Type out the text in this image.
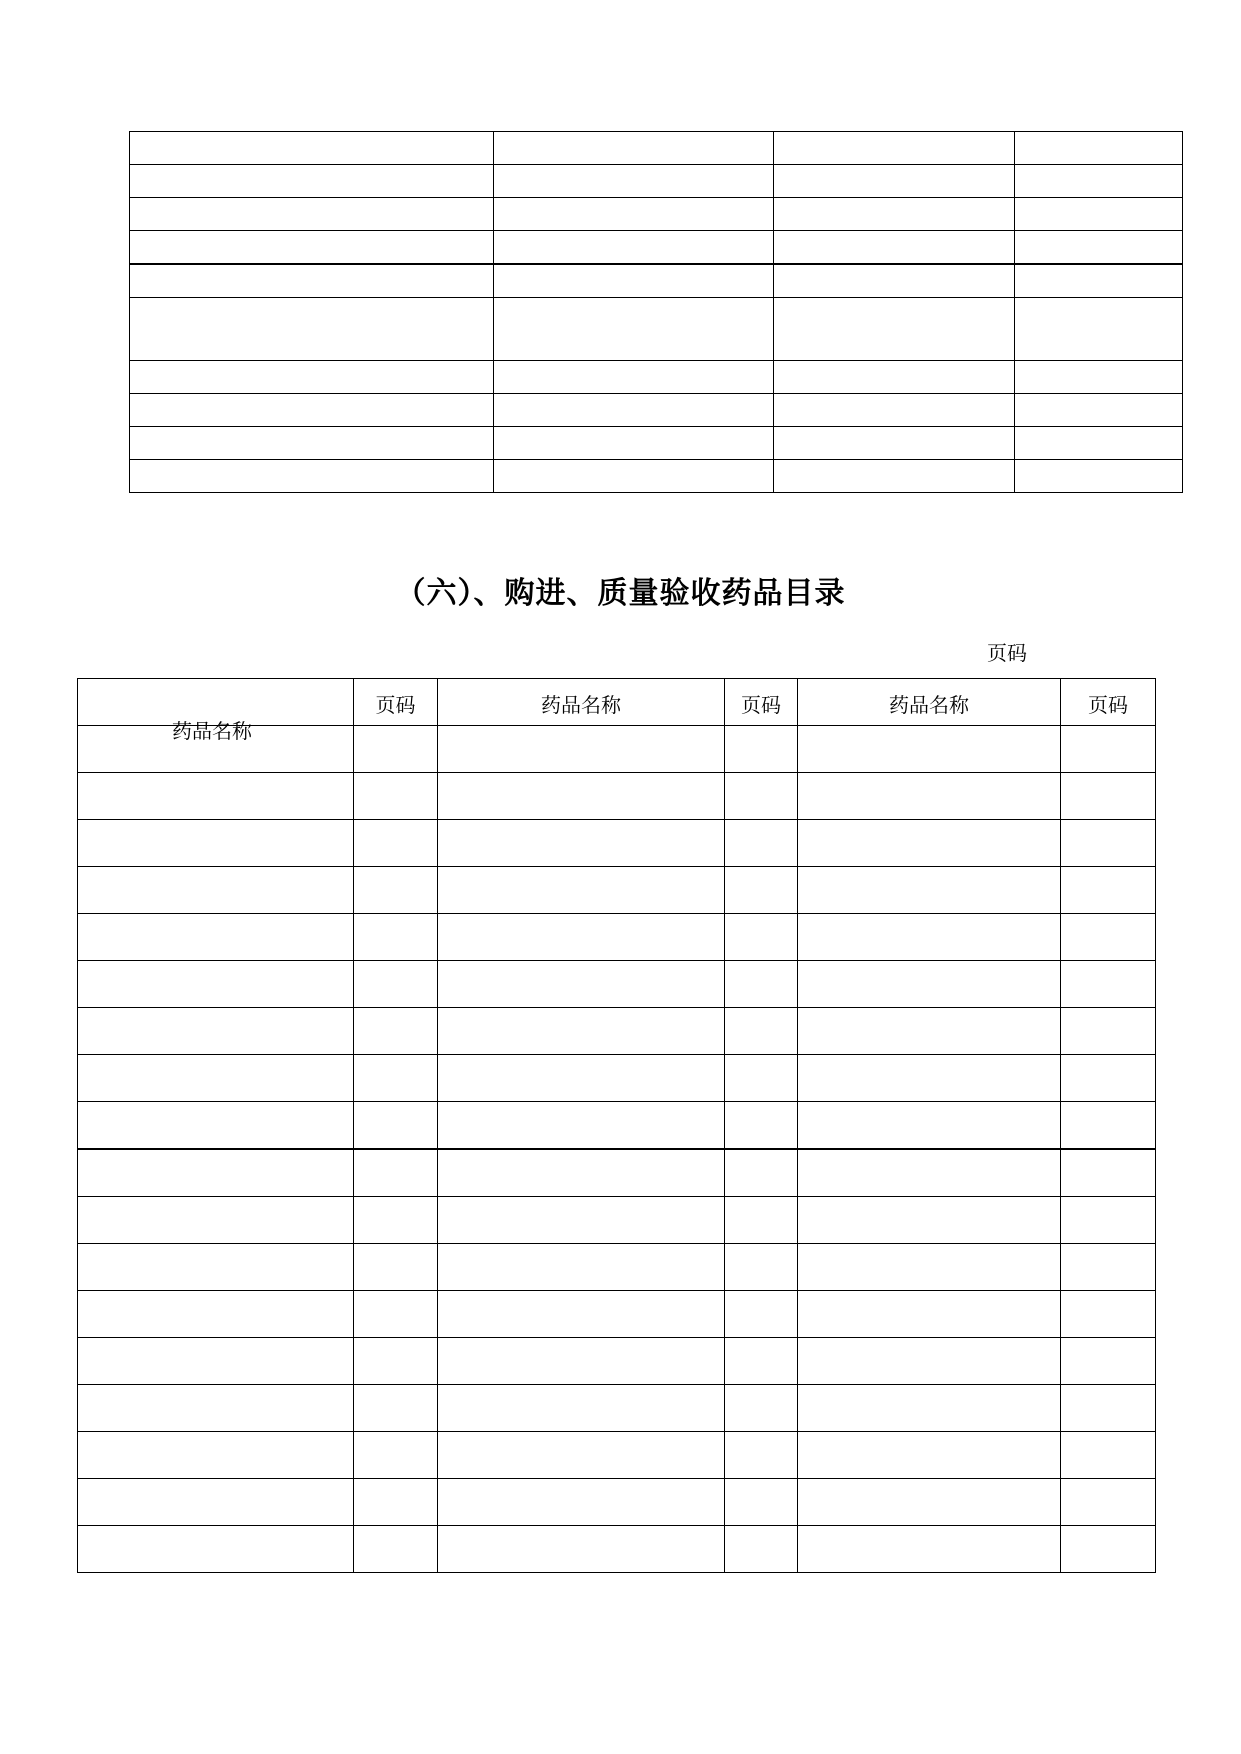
（六）、购进、质量验收药品目录
页码
药品名称	页码	药品名称	页码	药品名称	页码
